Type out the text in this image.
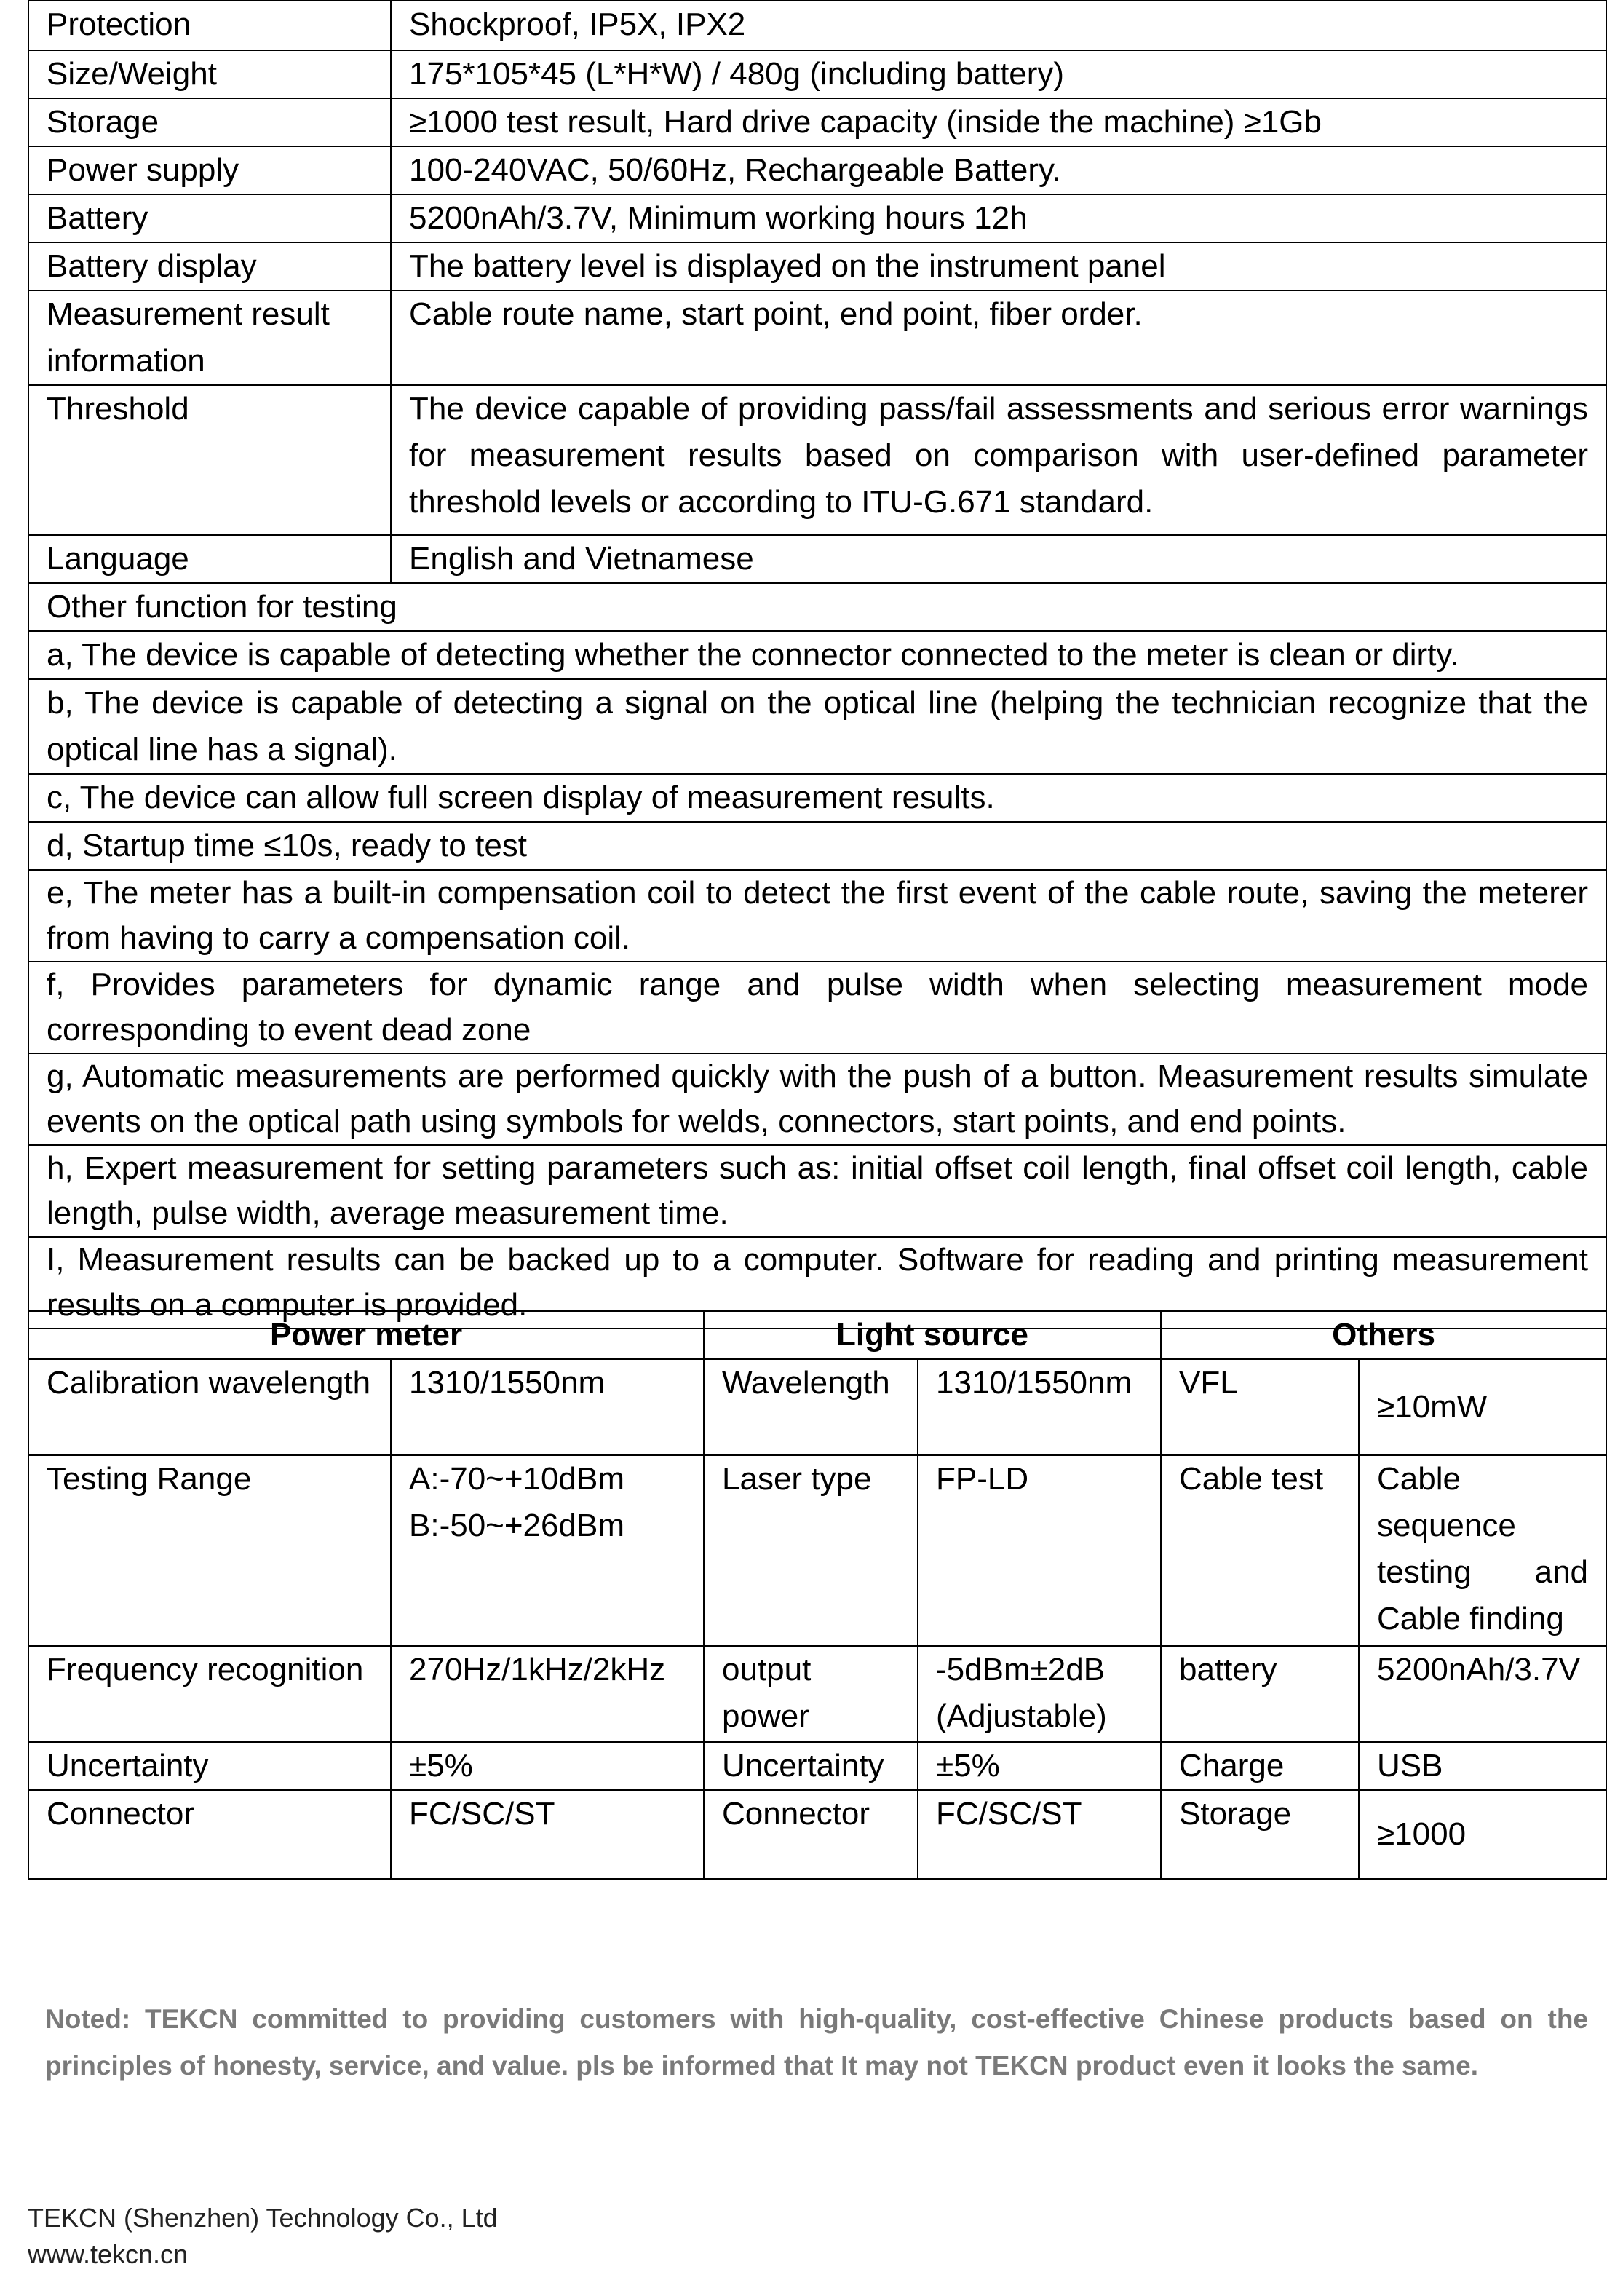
Protection	Shockproof, IP5X, IPX2
Size/Weight	175*105*45 (L*H*W) / 480g (including battery)
Storage	≥1000 test result, Hard drive capacity (inside the machine) ≥1Gb
Power supply	100-240VAC, 50/60Hz, Rechargeable Battery.
Battery	5200nAh/3.7V, Minimum working hours 12h
Battery display	The battery level is displayed on the instrument panel
Measurement result information	Cable route name, start point, end point, fiber order.
Threshold	The device capable of providing pass/fail assessments and serious error warnings for measurement results based on comparison with user-defined parameter threshold levels or according to ITU-G.671 standard.
Language	English and Vietnamese
Other function for testing	
a, The device is capable of detecting whether the connector connected to the meter is clean or dirty.	
b, The device is capable of detecting a signal on the optical line (helping the technician recognize that the optical line has a signal).	
c, The device can allow full screen display of measurement results.	
d, Startup time ≤10s, ready to test	
e, The meter has a built-in compensation coil to detect the first event of the cable route, saving the meterer from having to carry a compensation coil.	
f, Provides parameters for dynamic range and pulse width when selecting measurement mode corresponding to event dead zone	
g, Automatic measurements are performed quickly with the push of a button. Measurement results simulate events on the optical path using symbols for welds, connectors, start points, and end points.	
h, Expert measurement for setting parameters such as: initial offset coil length, final offset coil length, cable length, pulse width, average measurement time.	
I, Measurement results can be backed up to a computer. Software for reading and printing measurement results on a computer is provided.	
Power meter		Light source		Others	
Calibration wavelength	1310/1550nm	Wavelength	1310/1550nm	VFL	≥10mW
Testing Range	A:-70~+10dBm
B:-50~+26dBm	Laser type	FP-LD	Cable test	Cable sequence testing and Cable finding
Frequency recognition	270Hz/1kHz/2kHz	output power	-5dBm±2dB (Adjustable)	battery	5200nAh/3.7V
Uncertainty	±5%	Uncertainty	±5%	Charge	USB
Connector	FC/SC/ST	Connector	FC/SC/ST	Storage	≥1000
Noted: TEKCN committed to providing customers with high-quality, cost-effective Chinese products based on the principles of honesty, service, and value. pls be informed that It may not TEKCN product even it looks the same.
TEKCN (Shenzhen) Technology Co., Ltd
www.tekcn.cn
